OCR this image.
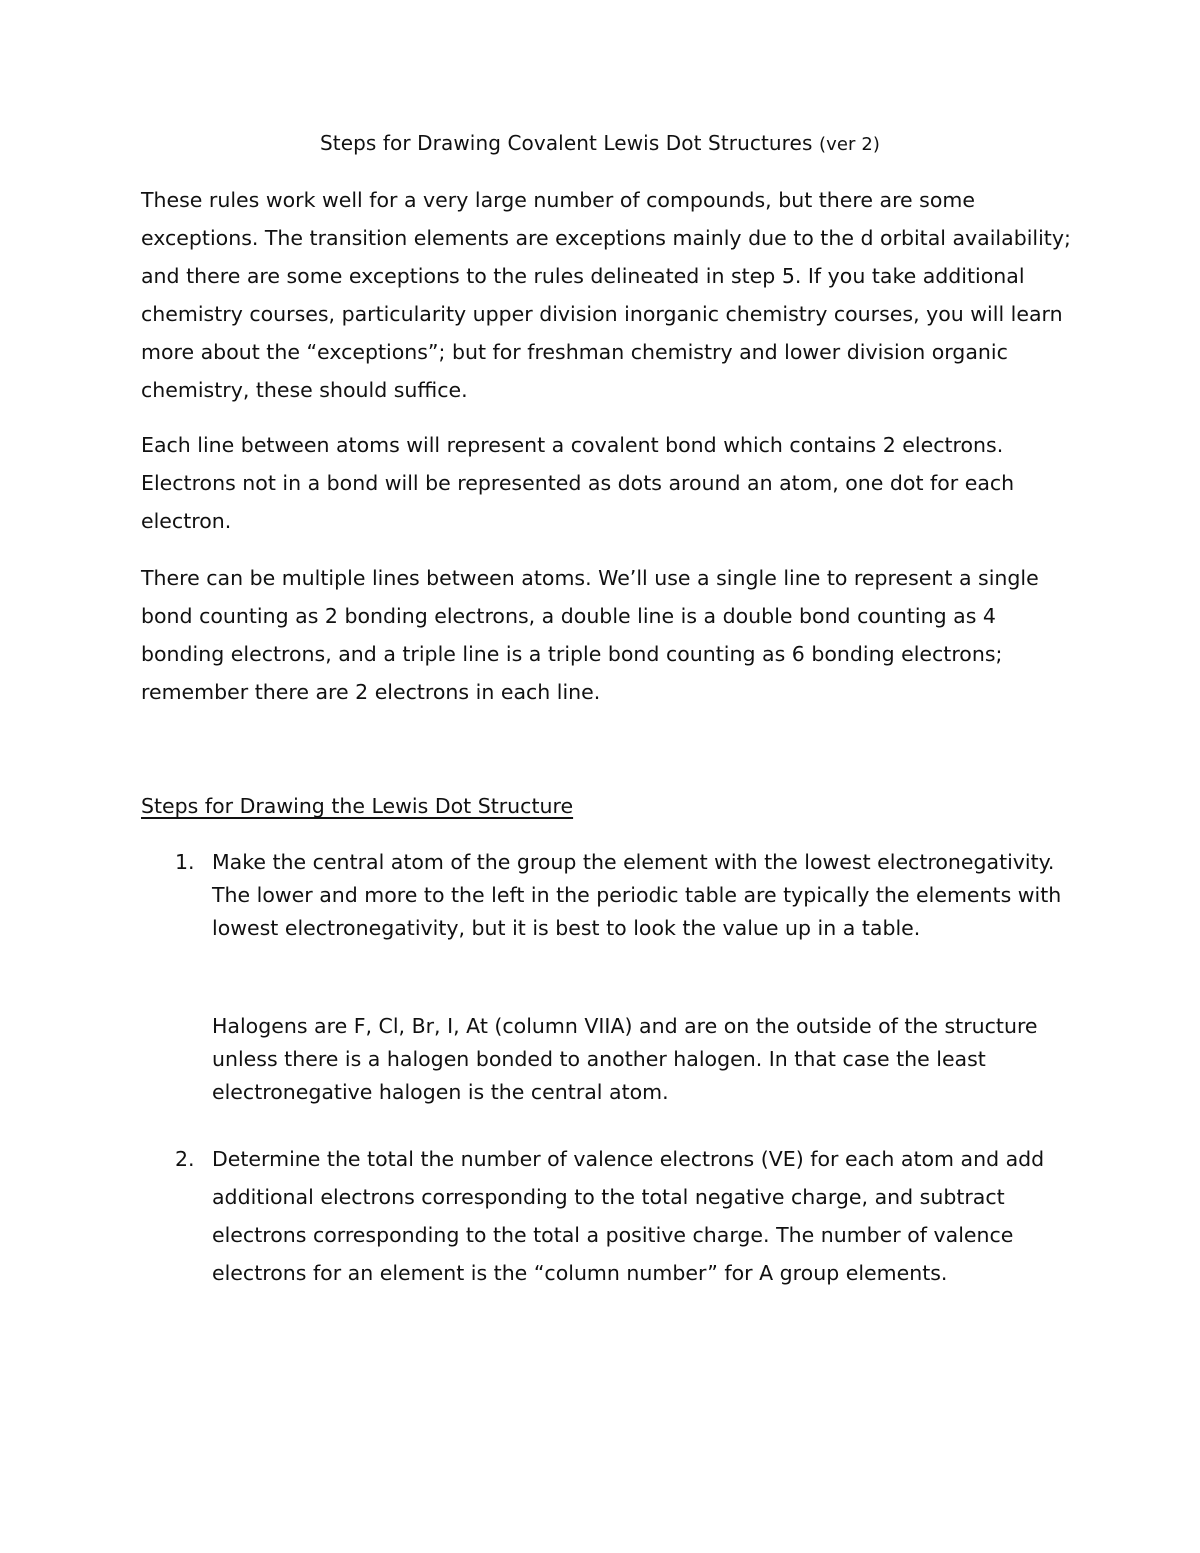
Steps for Drawing Covalent Lewis Dot Structures (ver 2)

These rules work well for a very large number of compounds, but there are some exceptions. The transition elements are exceptions mainly due to the d orbital availability; and there are some exceptions to the rules delineated in step 5. If you take additional chemistry courses, particularity upper division inorganic chemistry courses, you will learn more about the “exceptions”; but for freshman chemistry and lower division organic chemistry, these should suffice.

Each line between atoms will represent a covalent bond which contains 2 electrons. Electrons not in a bond will be represented as dots around an atom, one dot for each electron.

There can be multiple lines between atoms. We’ll use a single line to represent a single bond counting as 2 bonding electrons, a double line is a double bond counting as 4 bonding electrons, and a triple line is a triple bond counting as 6 bonding electrons; remember there are 2 electrons in each line.

Steps for Drawing the Lewis Dot Structure
1. Make the central atom of the group the element with the lowest electronegativity. The lower and more to the left in the periodic table are typically the elements with lowest electronegativity, but it is best to look the value up in a table.

Halogens are F, Cl, Br, I, At (column VIIA) and are on the outside of the structure unless there is a halogen bonded to another halogen. In that case the least electronegative halogen is the central atom.

2. Determine the total the number of valence electrons (VE) for each atom and add additional electrons corresponding to the total negative charge, and subtract electrons corresponding to the total a positive charge. The number of valence electrons for an element is the “column number” for A group elements.
